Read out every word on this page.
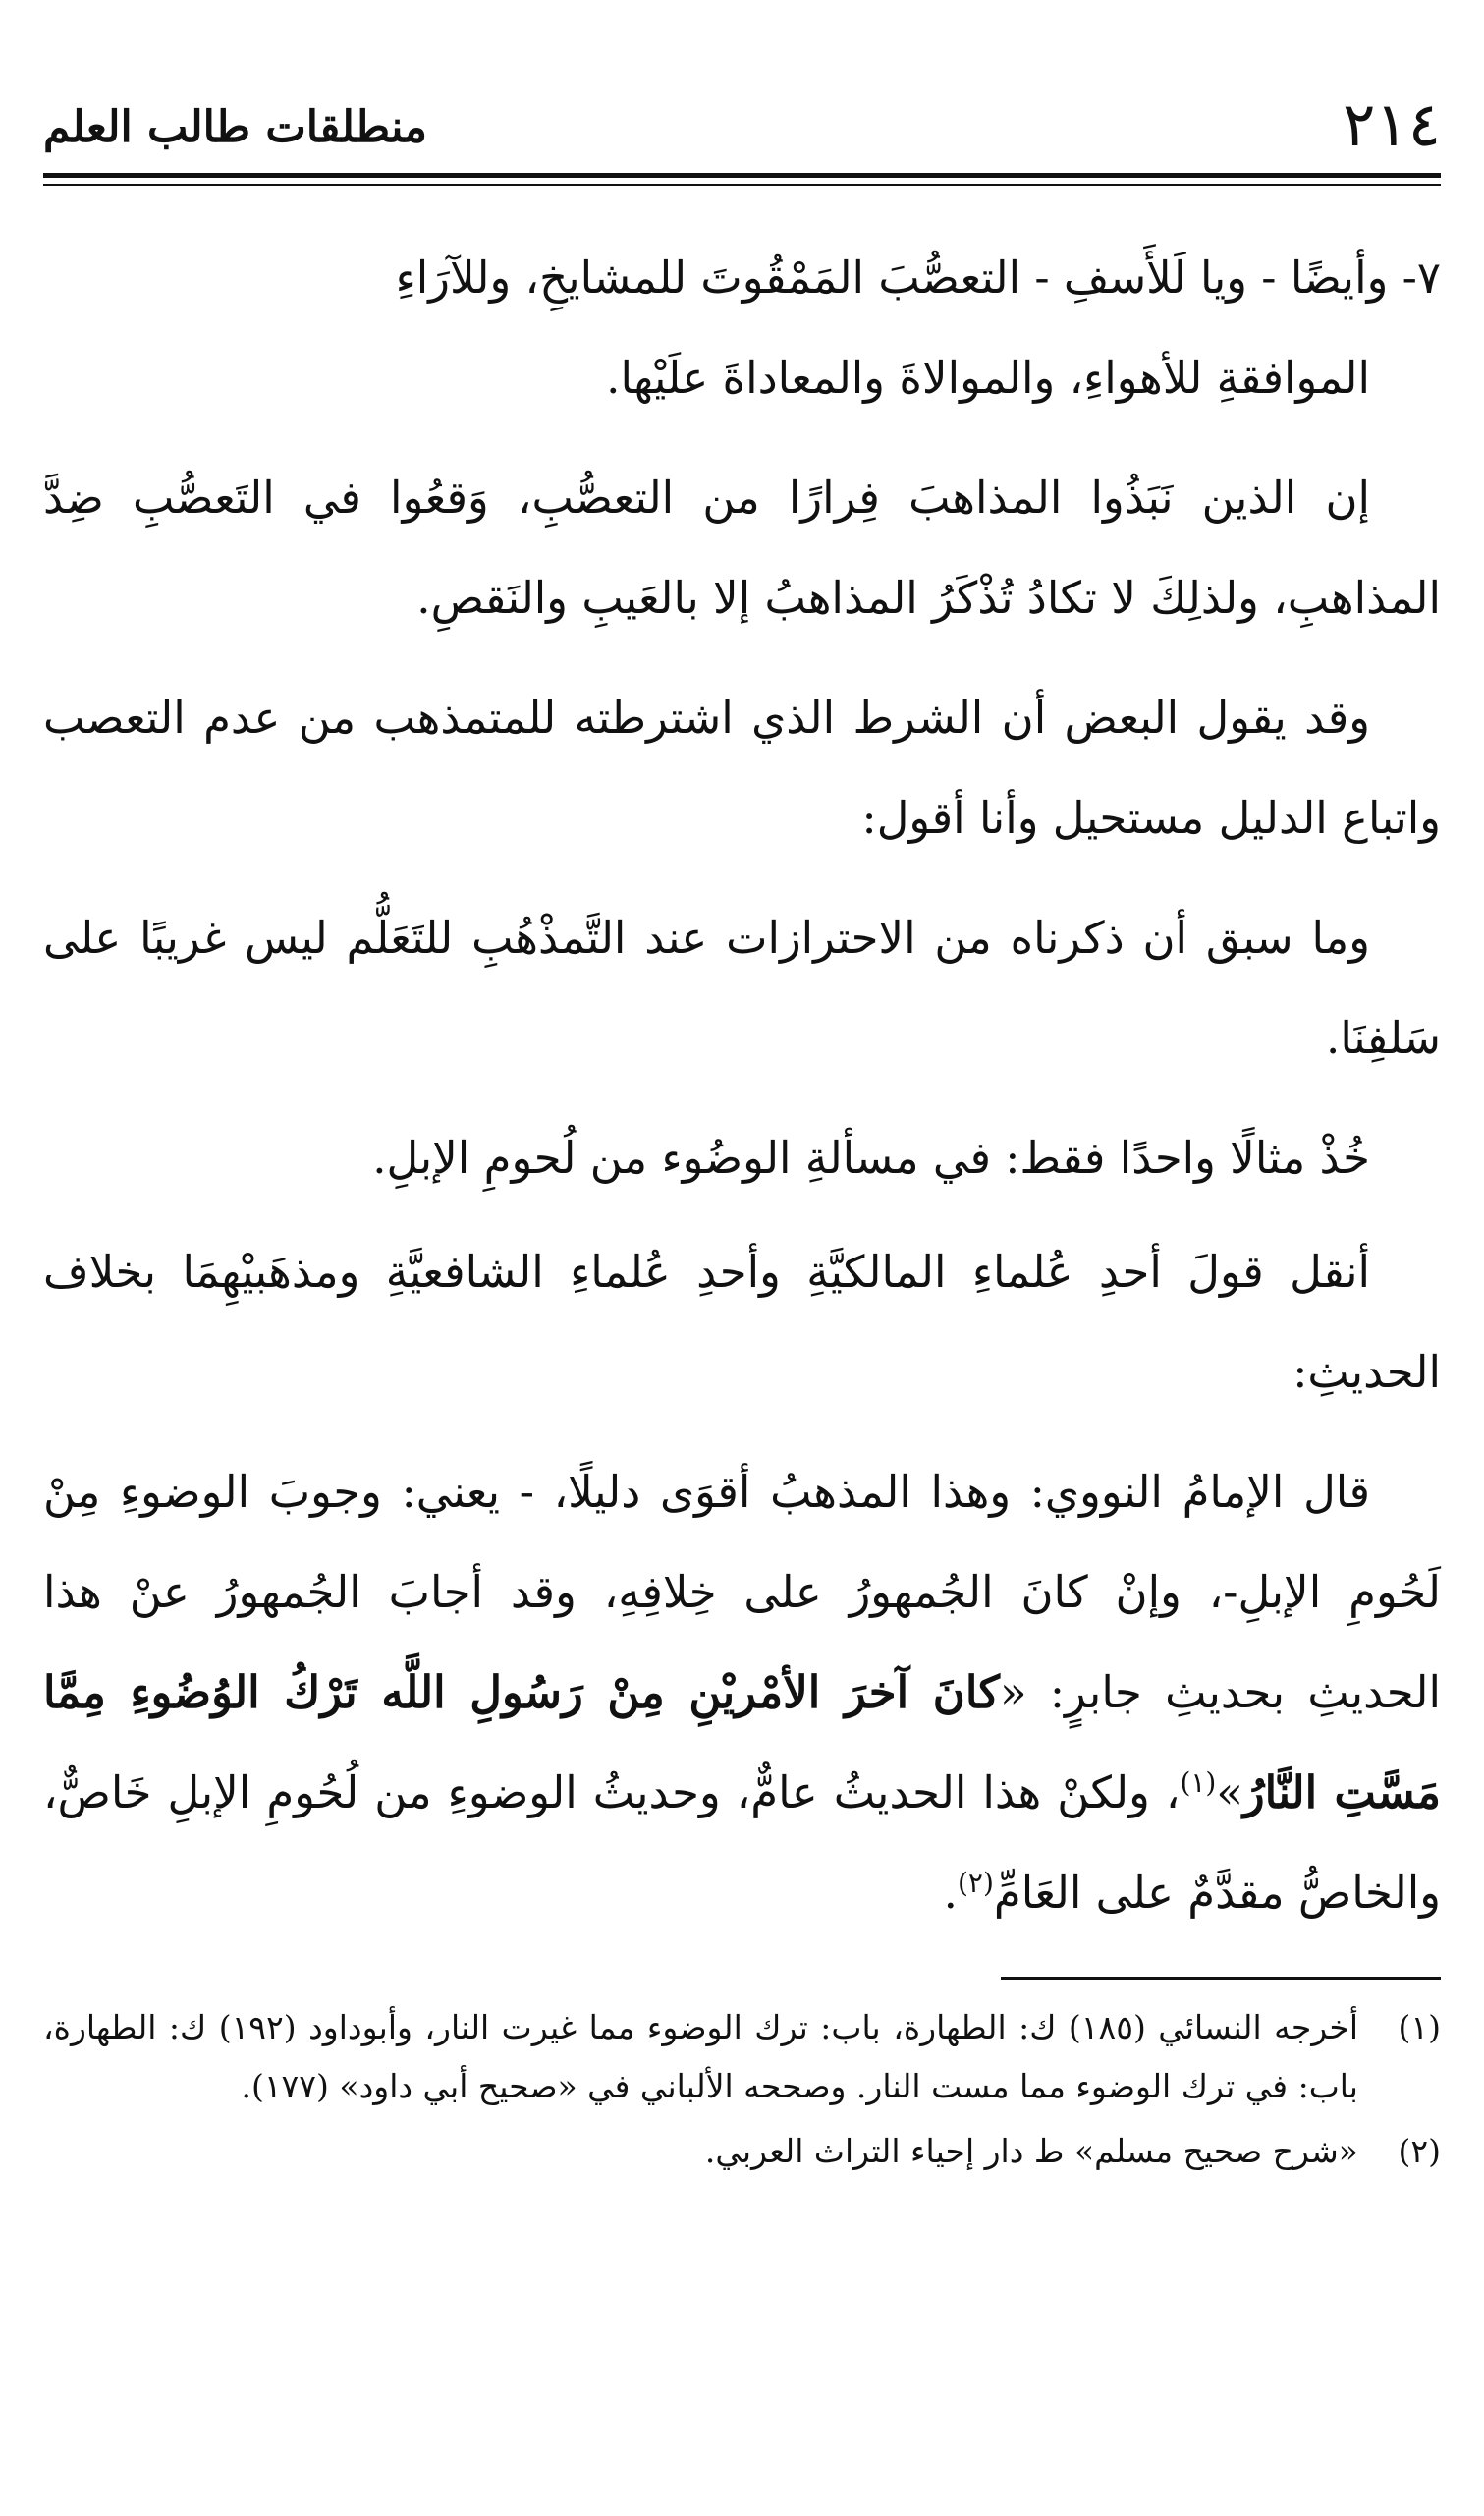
٢١٤
منطلقات طالب العلم

٧- وأيضًا - ويا لَلأَسفِ - التعصُّبَ المَمْقُوتَ للمشايخِ، وللآرَاءِ
الموافقةِ للأهواءِ، والموالاةَ والمعاداةَ علَيْها.

إن الذين نَبَذُوا المذاهبَ فِرارًا من التعصُّبِ، وَقعُوا في التَعصُّبِ ضِدَّ المذاهبِ، ولذلِكَ لا تكادُ تُذْكَرُ المذاهبُ إلا بالعَيبِ والنَقصِ.

وقد يقول البعض أن الشرط الذي اشترطته للمتمذهب من عدم التعصب واتباع الدليل مستحيل وأنا أقول:

وما سبق أن ذكرناه من الاحترازات عند التَّمذْهُبِ للتَعَلُّم ليس غريبًا على سَلفِنَا.

خُذْ مثالًا واحدًا فقط: في مسألةِ الوضُوء من لُحومِ الإبلِ.

أنقل قولَ أحدِ عُلماءِ المالكيَّةِ وأحدِ عُلماءِ الشافعيَّةِ ومذهَبيْهِمَا بخلاف الحديثِ:

قال الإمامُ النووي: وهذا المذهبُ أقوَى دليلًا، - يعني: وجوبَ الوضوءِ مِنْ لَحُومِ الإبلِ-، وإنْ كانَ الجُمهورُ على خِلافِهِ، وقد أجابَ الجُمهورُ عنْ هذا الحديثِ بحديثِ جابرٍ: «كانَ آخرَ الأمْريْنِ مِنْ رَسُولِ اللَّه تَرْكُ الوُضُوءِ مِمَّا مَسَّتِ النَّارُ»$^{(١)}$، ولكنْ هذا الحديثُ عامٌّ، وحديثُ الوضوءِ من لُحُومِ الإبلِ خَاصٌّ، والخاصُّ مقدَّمٌ على العَامِّ$^{(٢)}$.

(١)
أخرجه النسائي (١٨٥) ك: الطهارة، باب: ترك الوضوء مما غيرت النار، وأبوداود (١٩٢) ك: الطهارة، باب: في ترك الوضوء مما مست النار. وصححه الألباني في «صحيح أبي داود» (١٧٧).
(٢)
«شرح صحيح مسلم» ط دار إحياء التراث العربي.
